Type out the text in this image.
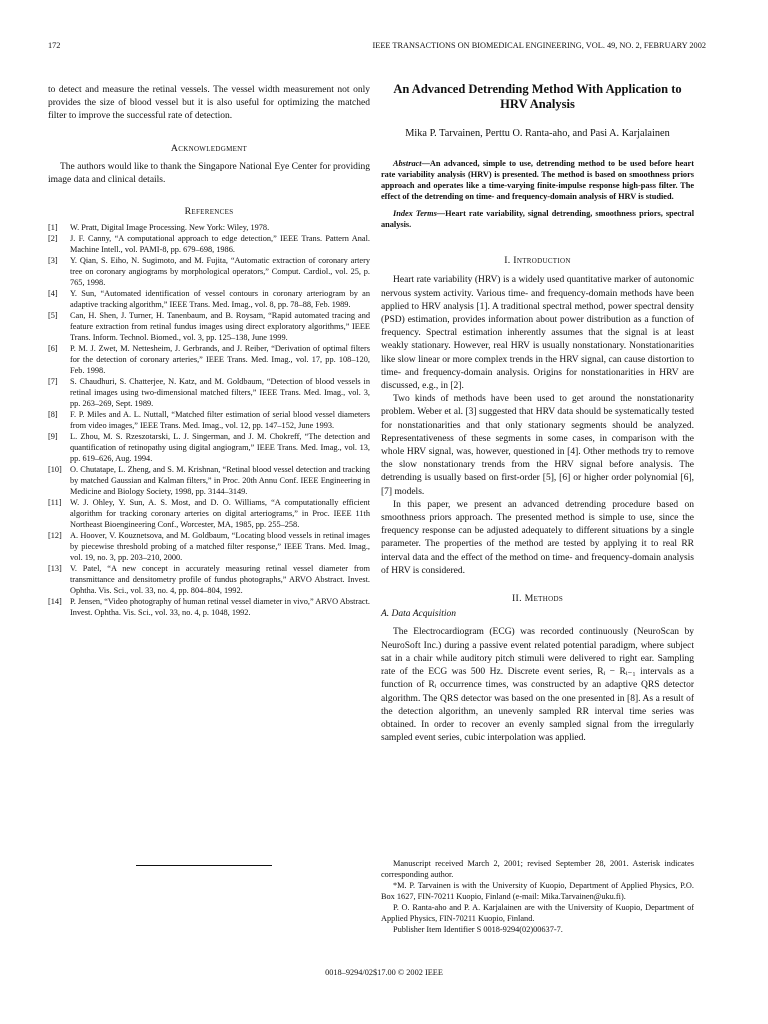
172	IEEE TRANSACTIONS ON BIOMEDICAL ENGINEERING, VOL. 49, NO. 2, FEBRUARY 2002

to detect and measure the retinal vessels. The vessel width measurement not only provides the size of blood vessel but it is also useful for optimizing the matched filter to improve the successful rate of detection.

Acknowledgment

The authors would like to thank the Singapore National Eye Center for providing image data and clinical details.

References
[1]	W. Pratt, Digital Image Processing. New York: Wiley, 1978.
[2]	J. F. Canny, “A computational approach to edge detection,” IEEE Trans. Pattern Anal. Machine Intell., vol. PAMI-8, pp. 679–698, 1986.
[3]	Y. Qian, S. Eiho, N. Sugimoto, and M. Fujita, “Automatic extraction of coronary artery tree on coronary angiograms by morphological operators,” Comput. Cardiol., vol. 25, p. 765, 1998.
[4]	Y. Sun, “Automated identification of vessel contours in coronary arteriogram by an adaptive tracking algorithm,” IEEE Trans. Med. Imag., vol. 8, pp. 78–88, Feb. 1989.
[5]	Can, H. Shen, J. Turner, H. Tanenbaum, and B. Roysam, “Rapid automated tracing and feature extraction from retinal fundus images using direct exploratory algorithms,” IEEE Trans. Inform. Technol. Biomed., vol. 3, pp. 125–138, June 1999.
[6]	P. M. J. Zwet, M. Nettesheim, J. Gerbrands, and J. Reiber, “Derivation of optimal filters for the detection of coronary arteries,” IEEE Trans. Med. Imag., vol. 17, pp. 108–120, Feb. 1998.
[7]	S. Chaudhuri, S. Chatterjee, N. Katz, and M. Goldbaum, “Detection of blood vessels in retinal images using two-dimensional matched filters,” IEEE Trans. Med. Imag., vol. 3, pp. 263–269, Sept. 1989.
[8]	F. P. Miles and A. L. Nuttall, “Matched filter estimation of serial blood vessel diameters from video images,” IEEE Trans. Med. Imag., vol. 12, pp. 147–152, June 1993.
[9]	L. Zhou, M. S. Rzeszotarski, L. J. Singerman, and J. M. Chokreff, “The detection and quantification of retinopathy using digital angiogram,” IEEE Trans. Med. Imag., vol. 13, pp. 619–626, Aug. 1994.
[10] O. Chutatape, L. Zheng, and S. M. Krishnan, “Retinal blood vessel detection and tracking by matched Gaussian and Kalman filters,” in Proc. 20th Annu Conf. IEEE Engineering in Medicine and Biology Society, 1998, pp. 3144–3149.
[11]	W. J. Ohley, Y. Sun, A. S. Most, and D. O. Williams, “A computationally efficient algorithm for tracking coronary arteries on digital arteriograms,” in Proc. IEEE 11th Northeast Bioengineering Conf., Worcester, MA, 1985, pp. 255–258.
[12] A. Hoover, V. Kouznetsova, and M. Goldbaum, “Locating blood vessels in retinal images by piecewise threshold probing of a matched filter response,” IEEE Trans. Med. Imag., vol. 19, no. 3, pp. 203–210, 2000.
[13] V. Patel, “A new concept in accurately measuring retinal vessel diameter from transmittance and densitometry profile of fundus photographs,” ARVO Abstract. Invest. Ophtha. Vis. Sci., vol. 33, no. 4, pp. 804–804, 1992.
[14] P. Jensen, “Video photography of human retinal vessel diameter in vivo,” ARVO Abstract. Invest. Ophtha. Vis. Sci., vol. 33, no. 4, p. 1048, 1992.
An Advanced Detrending Method With Application to HRV Analysis
Mika P. Tarvainen, Perttu O. Ranta-aho, and Pasi A. Karjalainen

Abstract—An advanced, simple to use, detrending method to be used before heart rate variability analysis (HRV) is presented. The method is based on smoothness priors approach and operates like a time-varying finite-impulse response high-pass filter. The effect of the detrending on time- and frequency-domain analysis of HRV is studied.

Index Terms—Heart rate variability, signal detrending, smoothness priors, spectral analysis.

I. Introduction

Heart rate variability (HRV) is a widely used quantitative marker of autonomic nervous system activity. Various time- and frequency-domain methods have been applied to HRV analysis [1]. A traditional spectral method, power spectral density (PSD) estimation, provides information about power distribution as a function of frequency. Spectral estimation inherently assumes that the signal is at least weakly stationary. However, real HRV is usually nonstationary. Nonstationarities like slow linear or more complex trends in the HRV signal, can cause distortion to time- and frequency-domain analysis. Origins for nonstationarities in HRV are discussed, e.g., in [2].

Two kinds of methods have been used to get around the nonstationarity problem. Weber et al. [3] suggested that HRV data should be systematically tested for nonstationarities and that only stationary segments should be analyzed. Representativeness of these segments in some cases, in comparison with the whole HRV signal, was, however, questioned in [4]. Other methods try to remove the slow nonstationary trends from the HRV signal before analysis. The detrending is usually based on first-order [5], [6] or higher order polynomial [6], [7] models.

In this paper, we present an advanced detrending procedure based on smoothness priors approach. The presented method is simple to use, since the frequency response can be adjusted adequately to different situations by a single parameter. The properties of the method are tested by applying it to real RR interval data and the effect of the method on time- and frequency-domain analysis of HRV is considered.

II. Methods
A. Data Acquisition

The Electrocardiogram (ECG) was recorded continuously (NeuroScan by NeuroSoft Inc.) during a passive event related potential paradigm, where subject sat in a chair while auditory pitch stimuli were delivered to right ear. Sampling rate of the ECG was 500 Hz. Discrete event series, Rᵢ − Rᵢ₋₁ intervals as a function of Rᵢ occurrence times, was constructed by an adaptive QRS detector algorithm. The QRS detector was based on the one presented in [8]. As a result of the detection algorithm, an unevenly sampled RR interval time series was obtained. In order to recover an evenly sampled signal from the irregularly sampled event series, cubic interpolation was applied.

Manuscript received March 2, 2001; revised September 28, 2001. Asterisk indicates corresponding author.

*M. P. Tarvainen is with the University of Kuopio, Department of Applied Physics, P.O. Box 1627, FIN-70211 Kuopio, Finland (e-mail: Mika.Tarvainen@uku.fi).

P. O. Ranta-aho and P. A. Karjalainen are with the University of Kuopio, Department of Applied Physics, FIN-70211 Kuopio, Finland.

Publisher Item Identifier S 0018-9294(02)00637-7.

0018–9294/02$17.00 © 2002 IEEE
